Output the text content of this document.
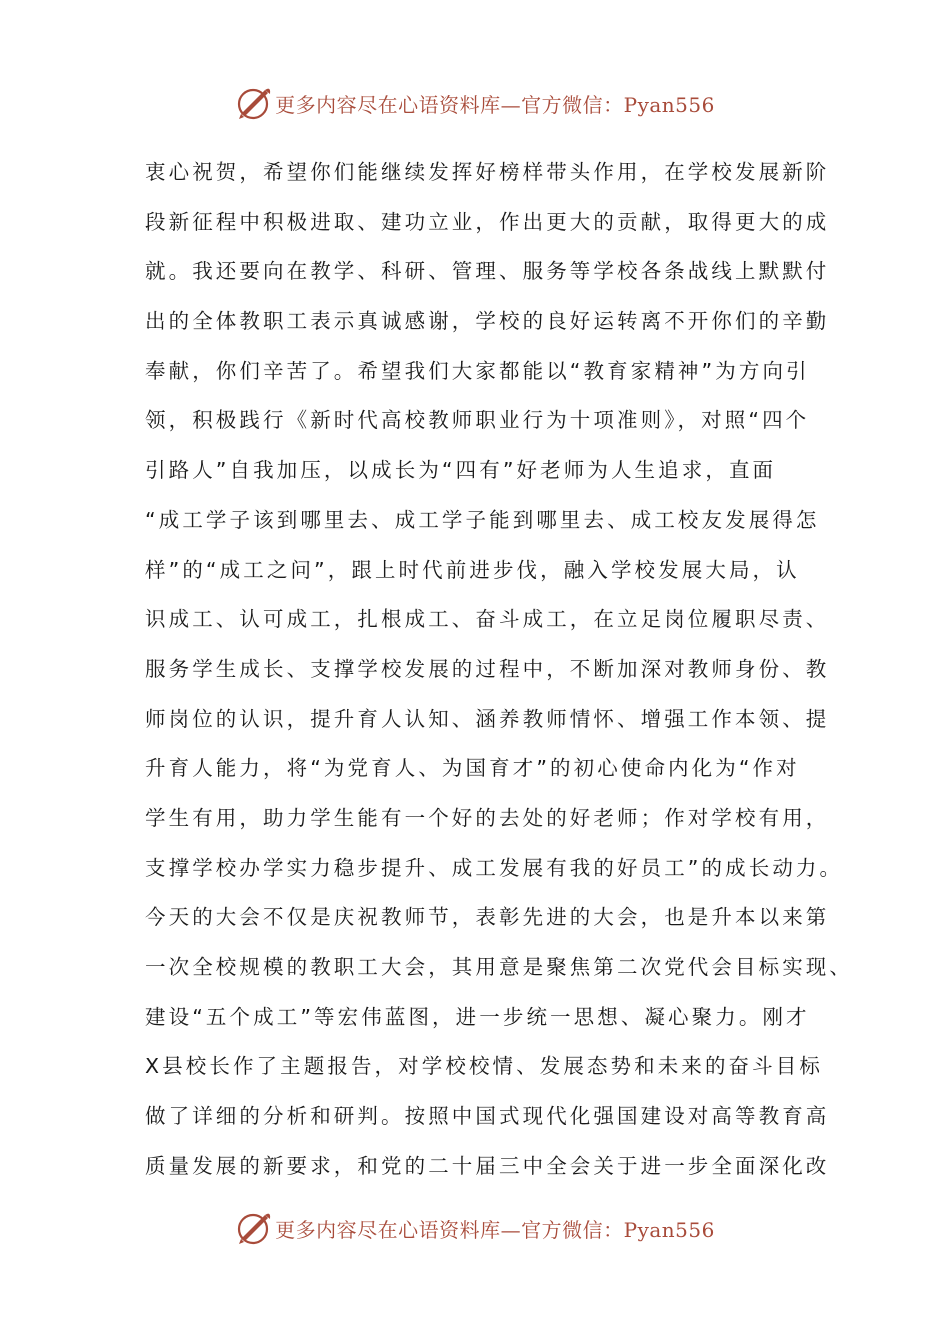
更多内容尽在心语资料库—官方微信：Pyan556
衷心祝贺，希望你们能继续发挥好榜样带头作用，在学校发展新阶
段新征程中积极进取、建功立业，作出更大的贡献，取得更大的成
就。我还要向在教学、科研、管理、服务等学校各条战线上默默付
出的全体教职工表示真诚感谢，学校的良好运转离不开你们的辛勤
奉献，你们辛苦了。希望我们大家都能以“教育家精神”为方向引
领，积极践行《新时代高校教师职业行为十项准则》，对照“四个
引路人”自我加压，以成长为“四有”好老师为人生追求，直面
“成工学子该到哪里去、成工学子能到哪里去、成工校友发展得怎
样”的“成工之问”，跟上时代前进步伐，融入学校发展大局，认
识成工、认可成工，扎根成工、奋斗成工，在立足岗位履职尽责、
服务学生成长、支撑学校发展的过程中，不断加深对教师身份、教
师岗位的认识，提升育人认知、涵养教师情怀、增强工作本领、提
升育人能力，将“为党育人、为国育才”的初心使命内化为“作对
学生有用，助力学生能有一个好的去处的好老师；作对学校有用，
支撑学校办学实力稳步提升、成工发展有我的好员工”的成长动力。
今天的大会不仅是庆祝教师节，表彰先进的大会，也是升本以来第
一次全校规模的教职工大会，其用意是聚焦第二次党代会目标实现、
建设“五个成工”等宏伟蓝图，进一步统一思想、凝心聚力。刚才
X县校长作了主题报告，对学校校情、发展态势和未来的奋斗目标
做了详细的分析和研判。按照中国式现代化强国建设对高等教育高
质量发展的新要求，和党的二十届三中全会关于进一步全面深化改
更多内容尽在心语资料库—官方微信：Pyan556
